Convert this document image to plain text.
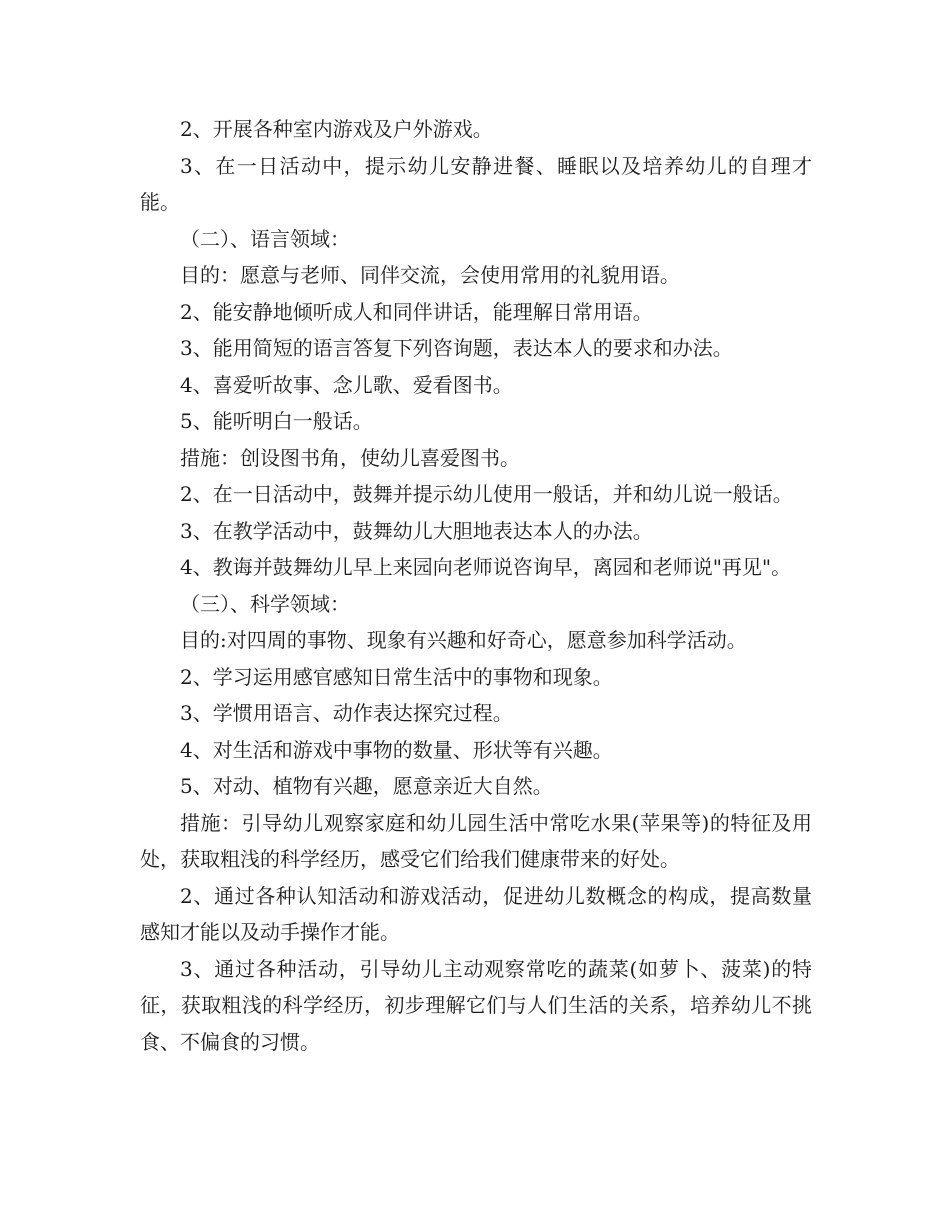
2、开展各种室内游戏及户外游戏。

3、在一日活动中，提示幼儿安静进餐、睡眠以及培养幼儿的自理才能。

（二）、语言领域：

目的：愿意与老师、同伴交流，会使用常用的礼貌用语。

2、能安静地倾听成人和同伴讲话，能理解日常用语。

3、能用简短的语言答复下列咨询题，表达本人的要求和办法。

4、喜爱听故事、念儿歌、爱看图书。

5、能听明白一般话。

措施：创设图书角，使幼儿喜爱图书。

2、在一日活动中，鼓舞并提示幼儿使用一般话，并和幼儿说一般话。

3、在教学活动中，鼓舞幼儿大胆地表达本人的办法。

4、教诲并鼓舞幼儿早上来园向老师说咨询早，离园和老师说"再见"。

（三）、科学领域：

目的:对四周的事物、现象有兴趣和好奇心，愿意参加科学活动。

2、学习运用感官感知日常生活中的事物和现象。

3、学惯用语言、动作表达探究过程。

4、对生活和游戏中事物的数量、形状等有兴趣。

5、对动、植物有兴趣，愿意亲近大自然。

措施：引导幼儿观察家庭和幼儿园生活中常吃水果(苹果等)的特征及用处，获取粗浅的科学经历，感受它们给我们健康带来的好处。

2、通过各种认知活动和游戏活动，促进幼儿数概念的构成，提高数量感知才能以及动手操作才能。

3、通过各种活动，引导幼儿主动观察常吃的蔬菜(如萝卜、菠菜)的特征，获取粗浅的科学经历，初步理解它们与人们生活的关系，培养幼儿不挑食、不偏食的习惯。
